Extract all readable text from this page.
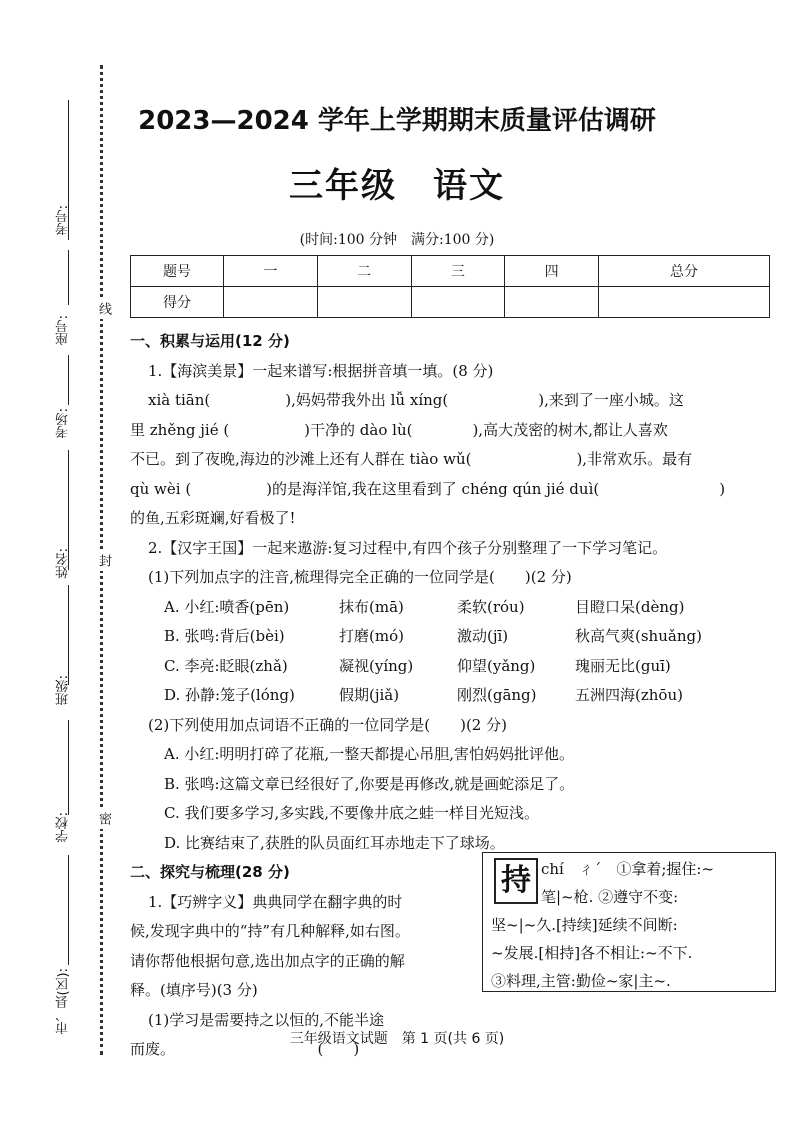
考号:
座号:
考场:
姓名:
班级:
学校:
市、县(区):
线
封
密
2023—2024 学年上学期期末质量评估调研
三年级　语文
(时间:100 分钟　满分:100 分)
题号	一	二	三	四	总分
得分					

一、积累与运用(12 分)

1.【海滨美景】一起来谱写:根据拼音填一填。(8 分)

xià tiān(　　　　　),妈妈带我外出 lǚ xíng(　　　　　　),来到了一座小城。这

里 zhěng jié (　　　　　)干净的 dào lù(　　　　),高大茂密的树木,都让人喜欢

不已。到了夜晚,海边的沙滩上还有人群在 tiào wǔ(　　　　　　　),非常欢乐。最有

qù wèi (　　　　　)的是海洋馆,我在这里看到了 chéng qún jié duì(　　　　　　　　)

的鱼,五彩斑斓,好看极了!

2.【汉字王国】一起来遨游:复习过程中,有四个孩子分别整理了一下学习笔记。

(1)下列加点字的注音,梳理得完全正确的一位同学是(　　)(2 分)

A. 小红:喷香(pēn)	抹布(mā)	柔软(róu)	目瞪口呆(dèng)
B. 张鸣:背后(bèi)	打磨(mó)	激动(jī)	秋高气爽(shuǎng)
C. 李亮:眨眼(zhǎ)	凝视(yíng)	仰望(yǎng)	瑰丽无比(guī)
D. 孙静:笼子(lóng)	假期(jiǎ)	刚烈(gāng)	五洲四海(zhōu)

(2)下列使用加点词语不正确的一位同学是(　　)(2 分)

A. 小红:明明打碎了花瓶,一整天都提心吊胆,害怕妈妈批评他。

B. 张鸣:这篇文章已经很好了,你要是再修改,就是画蛇添足了。

C. 我们要多学习,多实践,不要像井底之蛙一样目光短浅。

D. 比赛结束了,获胜的队员面红耳赤地走下了球场。

二、探究与梳理(28 分)

1.【巧辨字义】典典同学在翻字典的时

候,发现字典中的“持”有几种解释,如右图。

请你帮他根据句意,选出加点字的正确的解

释。(填序号)(3 分)

(1)学习是需要持之以恒的,不能半途

而废。　　　　　　　　　　(　　)

chí　ㄔˊ　①拿着;握住:~
笔|~枪. ②遵守不变:
坚~|~久.[持续]延续不间断:
~发展.[相持]各不相让:~不下.
③料理,主管:勤俭~家|主~.
持
三年级语文试题　第 1 页(共 6 页)
